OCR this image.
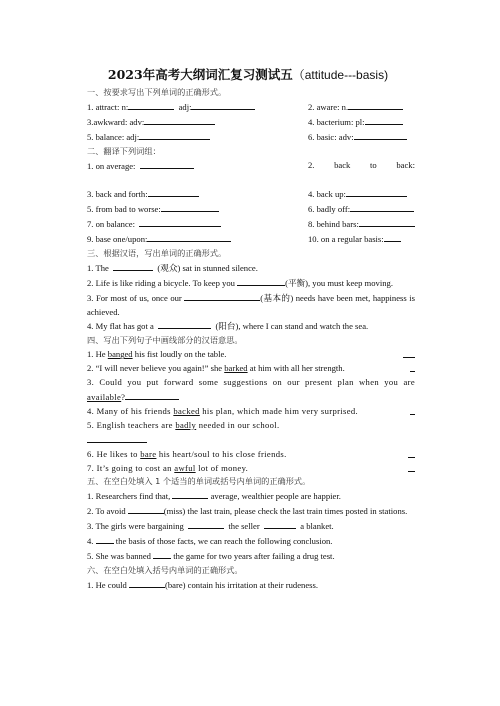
2023年高考大纲词汇复习测试五（attitude---basis)
一、按要求写出下列单词的正确形式。
1. attract: n:	adj:	2. aware: n.
3.awkward: adv:	4. bacterium: pl:
5. balance: adj:	6. basic: adv:
二、翻译下列词组：
1. on average:	2. back to back:
3. back and forth:	4. back up:
5. from bad to worse:	6. badly off:
7. on balance:	8. behind bars:
9. base one/upon:	10. on a regular basis:
三、根据汉语，写出单词的正确形式。
1. The	(观众) sat in stunned silence.
2. Life is like riding a bicycle. To keep you	(平衡), you must keep moving.
3. For most of us, once our	(基本的) needs have been met, happiness is achieved.
4. My flat has got a	(阳台), where I can stand and watch the sea.
四、写出下列句子中画线部分的汉语意思。
1. He banged his fist loudly on the table.
2. “I will never believe you again!” she barked at him with all her strength.
3. Could you put forward some suggestions on our present plan when you are available?
4. Many of his friends backed his plan, which made him very surprised.
5. English teachers are badly needed in our school.
6. He likes to bare his heart/soul to his close friends.
7. It’s going to cost an awful lot of money.
五、在空白处填入 1 个适当的单词或括号内单词的正确形式。
1. Researchers find that,	average, wealthier people are happier.
2. To avoid	(miss) the last train, please check the last train times posted in stations.
3. The girls were bargaining	the seller	a blanket.
4.	the basis of those facts, we can reach the following conclusion.
5. She was banned	the game for two years after failing a drug test.
六、在空白处填入括号内单词的正确形式。
1. He could	(bare) contain his irritation at their rudeness.
